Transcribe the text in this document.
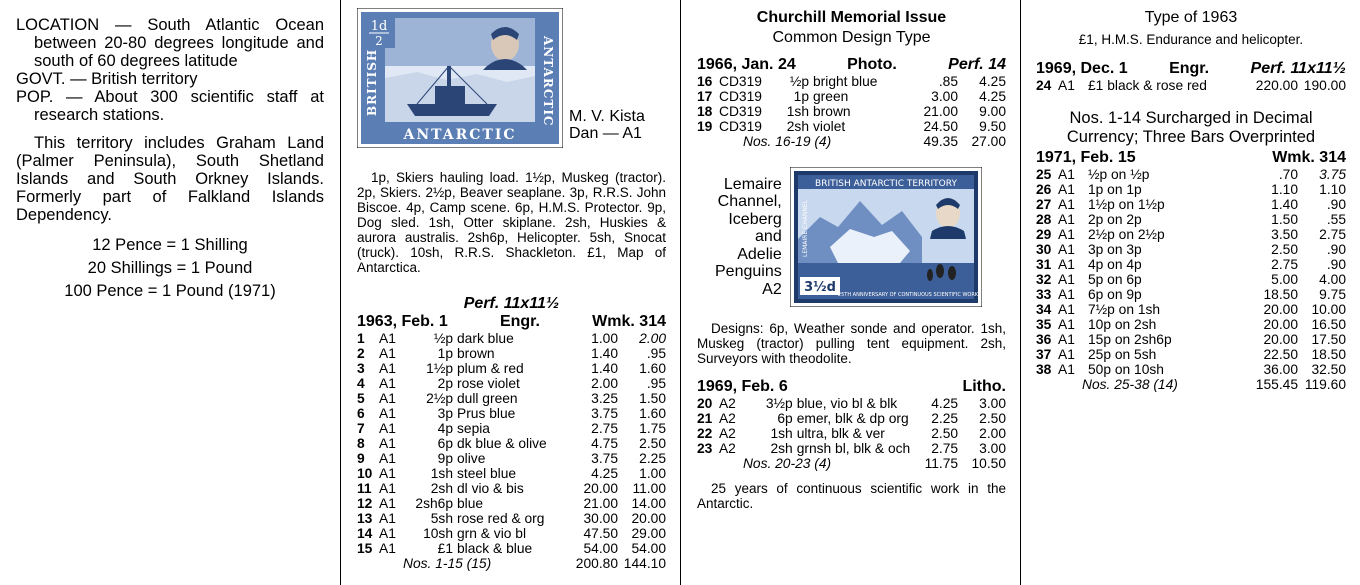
LOCATION — South Atlantic Ocean between 20-80 degrees longitude and south of 60 degrees latitude

GOVT. — British territory

POP. — About 300 scientific staff at research stations.

This territory includes Graham Land (Palmer Peninsula), South Shetland Islands and South Orkney Islands. Formerly part of Falkland Islands Dependency.

12 Pence = 1 Shilling

20 Shillings = 1 Pound

100 Pence = 1 Pound (1971)

1d
2
BRITISH	ANTARCTIC
ANTARCTIC
M. V. Kista
Dan — A1

1p, Skiers hauling load. 1½p, Muskeg (tractor). 2p, Skiers. 2½p, Beaver seaplane. 3p, R.R.S. John Biscoe. 4p, Camp scene. 6p, H.M.S. Protector. 9p, Dog sled. 1sh, Otter skiplane. 2sh, Huskies & aurora australis. 2sh6p, Helicopter. 5sh, Snocat (truck). 10sh, R.R.S. Shackleton. £1, Map of Antarctica.

Perf. 11x11½
1963, Feb. 1	Engr.	Wmk. 314
1	A1	½p	dark blue	1.00	2.00
2	A1	1p	brown	1.40	.95
3	A1	1½p	plum & red	1.40	1.60
4	A1	2p	rose violet	2.00	.95
5	A1	2½p	dull green	3.25	1.50
6	A1	3p	Prus blue	3.75	1.60
7	A1	4p	sepia	2.75	1.75
8	A1	6p	dk blue & olive	4.75	2.50
9	A1	9p	olive	3.75	2.25
10	A1	1sh	steel blue	4.25	1.00
11	A1	2sh	dl vio & bis	20.00	11.00
12	A1	2sh6p	blue	21.00	14.00
13	A1	5sh	rose red & org	30.00	20.00
14	A1	10sh	grn & vio bl	47.50	29.00
15	A1	£1	black & blue	54.00	54.00
	Nos. 1-15 (15)			200.80	144.10
Churchill Memorial Issue
Common Design Type
1966, Jan. 24	Photo.	Perf. 14
16	CD319	½p	bright blue	.85	4.25
17	CD319	1p	green	3.00	4.25
18	CD319	1sh	brown	21.00	9.00
19	CD319	2sh	violet	24.50	9.50
	Nos. 16-19 (4)			49.35	27.00
Lemaire
Channel,
Iceberg
and
Adelie
Penguins
A2
BRITISH ANTARCTIC TERRITORY
LEMAIRE CHANNEL
3½d 25TH ANNIVERSARY OF CONTINUOUS SCIENTIFIC WORK

Designs: 6p, Weather sonde and operator. 1sh, Muskeg (tractor) pulling tent equipment. 2sh, Surveyors with theodolite.

1969, Feb. 6	Litho.
20	A2	3½p	blue, vio bl & blk	4.25	3.00
21	A2	6p	emer, blk & dp org	2.25	2.50
22	A2	1sh	ultra, blk & ver	2.50	2.00
23	A2	2sh	grnsh bl, blk & och	2.75	3.00
	Nos. 20-23 (4)			11.75	10.50

25 years of continuous scientific work in the Antarctic.

Type of 1963
£1, H.M.S. Endurance and helicopter.
1969, Dec. 1	Engr.	Perf. 11x11½
24	A1	£1 black & rose red	220.00	190.00
Nos. 1-14 Surcharged in Decimal
Currency; Three Bars Overprinted
1971, Feb. 15	Wmk. 314
25	A1	½p on ½p	.70	3.75
26	A1	1p on 1p	1.10	1.10
27	A1	1½p on 1½p	1.40	.90
28	A1	2p on 2p	1.50	.55
29	A1	2½p on 2½p	3.50	2.75
30	A1	3p on 3p	2.50	.90
31	A1	4p on 4p	2.75	.90
32	A1	5p on 6p	5.00	4.00
33	A1	6p on 9p	18.50	9.75
34	A1	7½p on 1sh	20.00	10.00
35	A1	10p on 2sh	20.00	16.50
36	A1	15p on 2sh6p	20.00	17.50
37	A1	25p on 5sh	22.50	18.50
38	A1	50p on 10sh	36.00	32.50
	Nos. 25-38 (14)		155.45	119.60
